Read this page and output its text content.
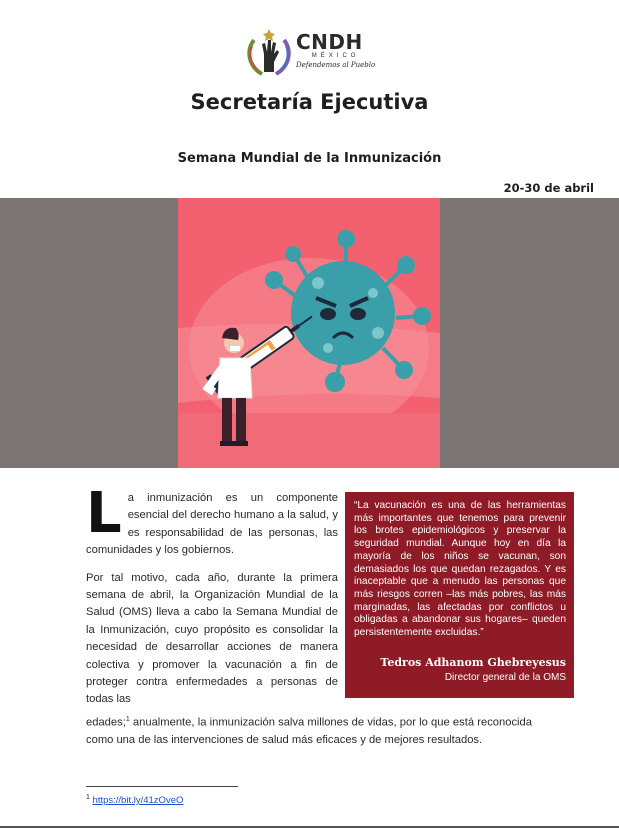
CNDH
MÉXICO
Defendemos al Pueblo
Secretaría Ejecutiva
Semana Mundial de la Inmunización
20-30 de abril

La inmunización es un componente esencial del derecho humano a la salud, y es responsabilidad de las personas, las comunidades y los gobiernos.

Por tal motivo, cada año, durante la primera semana de abril, la Organización Mundial de la Salud (OMS) lleva a cabo la Semana Mundial de la Inmunización, cuyo propósito es consolidar la necesidad de desarrollar acciones de manera colectiva y promover la vacunación a fin de proteger contra enfermedades a personas de todas las

edades;$^1$ anualmente, la inmunización salva millones de vidas, por lo que está reconocida como una de las intervenciones de salud más eficaces y de mejores resultados.
“La vacunación es una de las herramientas más importantes que tenemos para prevenir los brotes epidemiológicos y preservar la seguridad mundial. Aunque hoy en día la mayoría de los niños se vacunan, son demasiados los que quedan rezagados. Y es inaceptable que a menudo las personas que más riesgos corren –las más pobres, las más marginadas, las afectadas por conflictos u obligadas a abandonar sus hogares– queden persistentemente excluidas.”
Tedros Adhanom Ghebreyesus
Director general de la OMS
$^1$ https://bit.ly/41zOveO
